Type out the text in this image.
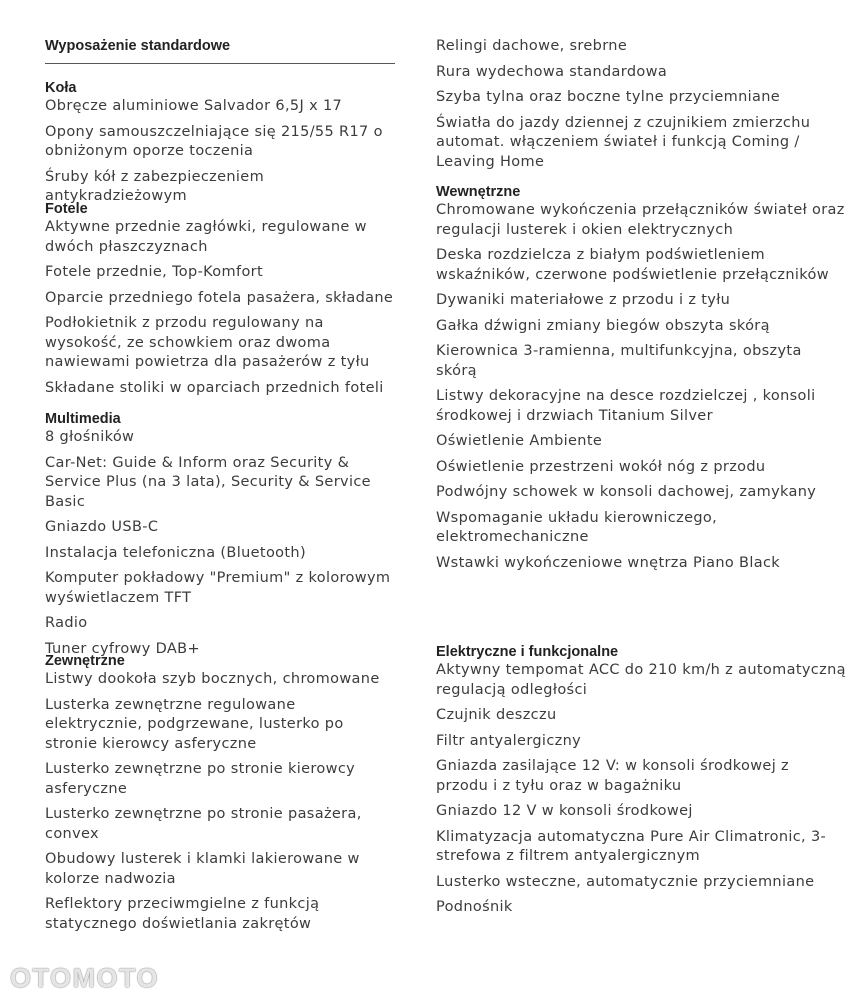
Wyposażenie standardowe
Koła

Obręcze aluminiowe Salvador 6,5J x 17

Opony samouszczelniające się 215/55 R17 o obniżonym oporze toczenia

Śruby kół z zabezpieczeniem antykradzieżowym

Fotele

Aktywne przednie zagłówki, regulowane w dwóch płaszczyznach

Fotele przednie, Top-Komfort

Oparcie przedniego fotela pasażera, składane

Podłokietnik z przodu regulowany na wysokość, ze schowkiem oraz dwoma nawiewami powietrza dla pasażerów z tyłu

Składane stoliki w oparciach przednich foteli

Multimedia

8 głośników

Car-Net: Guide & Inform oraz Security & Service Plus (na 3 lata), Security & Service Basic

Gniazdo USB-C

Instalacja telefoniczna (Bluetooth)

Komputer pokładowy "Premium" z kolorowym wyświetlaczem TFT

Radio

Tuner cyfrowy DAB+

Zewnętrzne

Listwy dookoła szyb bocznych, chromowane

Lusterka zewnętrzne regulowane elektrycznie, podgrzewane, lusterko po stronie kierowcy asferyczne

Lusterko zewnętrzne po stronie kierowcy asferyczne

Lusterko zewnętrzne po stronie pasażera, convex

Obudowy lusterek i klamki lakierowane w kolorze nadwozia

Reflektory przeciwmgielne z funkcją statycznego doświetlania zakrętów

Relingi dachowe, srebrne

Rura wydechowa standardowa

Szyba tylna oraz boczne tylne przyciemniane

Światła do jazdy dziennej z czujnikiem zmierzchu automat. włączeniem świateł i funkcją Coming / Leaving Home

Wewnętrzne

Chromowane wykończenia przełączników świateł oraz regulacji lusterek i okien elektrycznych

Deska rozdzielcza z białym podświetleniem wskaźników, czerwone podświetlenie przełączników

Dywaniki materiałowe z przodu i z tyłu

Gałka dźwigni zmiany biegów obszyta skórą

Kierownica 3-ramienna, multifunkcyjna, obszyta skórą

Listwy dekoracyjne na desce rozdzielczej , konsoli środkowej i drzwiach Titanium Silver

Oświetlenie Ambiente

Oświetlenie przestrzeni wokół nóg z przodu

Podwójny schowek w konsoli dachowej, zamykany

Wspomaganie układu kierowniczego, elektromechaniczne

Wstawki wykończeniowe wnętrza Piano Black

Elektryczne i funkcjonalne

Aktywny tempomat ACC do 210 km/h z automatyczną regulacją odległości

Czujnik deszczu

Filtr antyalergiczny

Gniazda zasilające 12 V: w konsoli środkowej z przodu i z tyłu oraz w bagażniku

Gniazdo 12 V w konsoli środkowej

Klimatyzacja automatyczna Pure Air Climatronic, 3-strefowa z filtrem antyalergicznym

Lusterko wsteczne, automatycznie przyciemniane

Podnośnik

OTOMOTO
